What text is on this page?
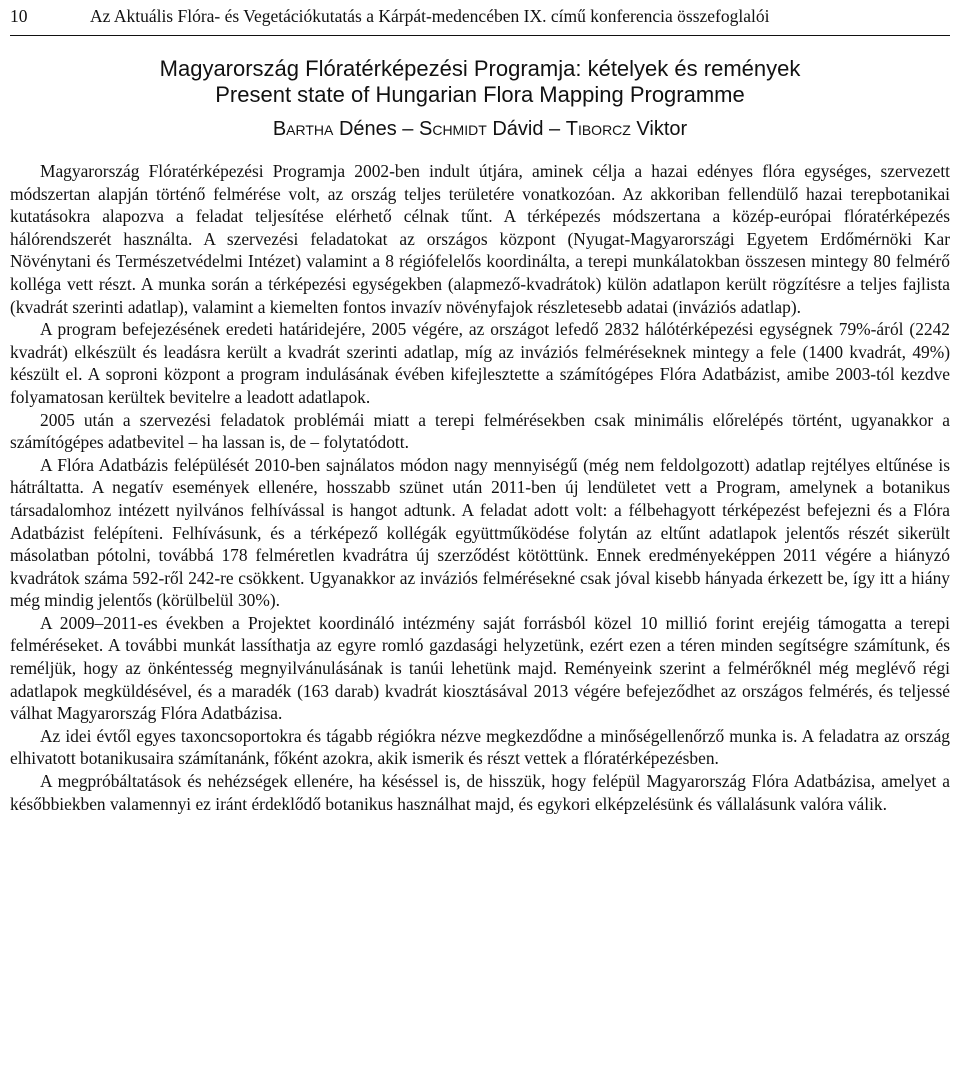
10	Az Aktuális Flóra- és Vegetációkutatás a Kárpát-medencében IX. című konferencia összefoglalói
Magyarország Flóratérképezési Programja: kételyek és remények
Present state of Hungarian Flora Mapping Programme
Bartha Dénes – Schmidt Dávid – Tiborcz Viktor

Magyarország Flóratérképezési Programja 2002-ben indult útjára, aminek célja a hazai edényes flóra egységes, szervezett módszertan alapján történő felmérése volt, az ország teljes területére vonatkozóan. Az akkoriban fellendülő hazai terepbotanikai kutatásokra alapozva a feladat teljesítése elérhető célnak tűnt. A térképezés módszertana a közép-európai flóratérképezés hálórendszerét használta. A szervezési feladatokat az országos központ (Nyugat-Magyarországi Egyetem Erdőmérnöki Kar Növénytani és Természetvédelmi Intézet) valamint a 8 régiófelelős koordinálta, a terepi munkálatokban összesen mintegy 80 felmérő kolléga vett részt. A munka során a térképezési egységekben (alapmező-kvadrátok) külön adatlapon került rögzítésre a teljes fajlista (kvadrát szerinti adatlap), valamint a kiemelten fontos invazív növényfajok részletesebb adatai (inváziós adatlap).

A program befejezésének eredeti határidejére, 2005 végére, az országot lefedő 2832 hálótérképezési egységnek 79%-áról (2242 kvadrát) elkészült és leadásra került a kvadrát szerinti adatlap, míg az inváziós felméréseknek mintegy a fele (1400 kvadrát, 49%) készült el. A soproni központ a program indulásának évében kifejlesztette a számítógépes Flóra Adatbázist, amibe 2003-tól kezdve folyamatosan kerültek bevitelre a leadott adatlapok.

2005 után a szervezési feladatok problémái miatt a terepi felmérésekben csak minimális előrelépés történt, ugyanakkor a számítógépes adatbevitel – ha lassan is, de – folytatódott.

A Flóra Adatbázis felépülését 2010-ben sajnálatos módon nagy mennyiségű (még nem feldolgozott) adatlap rejtélyes eltűnése is hátráltatta. A negatív események ellenére, hosszabb szünet után 2011-ben új lendületet vett a Program, amelynek a botanikus társadalomhoz intézett nyilvános felhívással is hangot adtunk. A feladat adott volt: a félbehagyott térképezést befejezni és a Flóra Adatbázist felépíteni. Felhívásunk, és a térképező kollégák együttműködése folytán az eltűnt adatlapok jelentős részét sikerült másolatban pótolni, továbbá 178 felméretlen kvadrátra új szerződést kötöttünk. Ennek eredményeképpen 2011 végére a hiányzó kvadrátok száma 592-ről 242-re csökkent. Ugyanakkor az inváziós felmérésekné csak jóval kisebb hányada érkezett be, így itt a hiány még mindig jelentős (körülbelül 30%).

A 2009–2011-es években a Projektet koordináló intézmény saját forrásból közel 10 millió forint erejéig támogatta a terepi felméréseket. A további munkát lassíthatja az egyre romló gazdasági helyzetünk, ezért ezen a téren minden segítségre számítunk, és reméljük, hogy az önkéntesség megnyilvánulásának is tanúi lehetünk majd. Reményeink szerint a felmérőknél még meglévő régi adatlapok megküldésével, és a maradék (163 darab) kvadrát kiosztásával 2013 végére befejeződhet az országos felmérés, és teljessé válhat Magyarország Flóra Adatbázisa.

Az idei évtől egyes taxoncsoportokra és tágabb régiókra nézve megkezdődne a minőségellenőrző munka is. A feladatra az ország elhivatott botanikusaira számítanánk, főként azokra, akik ismerik és részt vettek a flóratérképezésben.

A megpróbáltatások és nehézségek ellenére, ha késéssel is, de hisszük, hogy felépül Magyarország Flóra Adatbázisa, amelyet a későbbiekben valamennyi ez iránt érdeklődő botanikus használhat majd, és egykori elképzelésünk és vállalásunk valóra válik.
